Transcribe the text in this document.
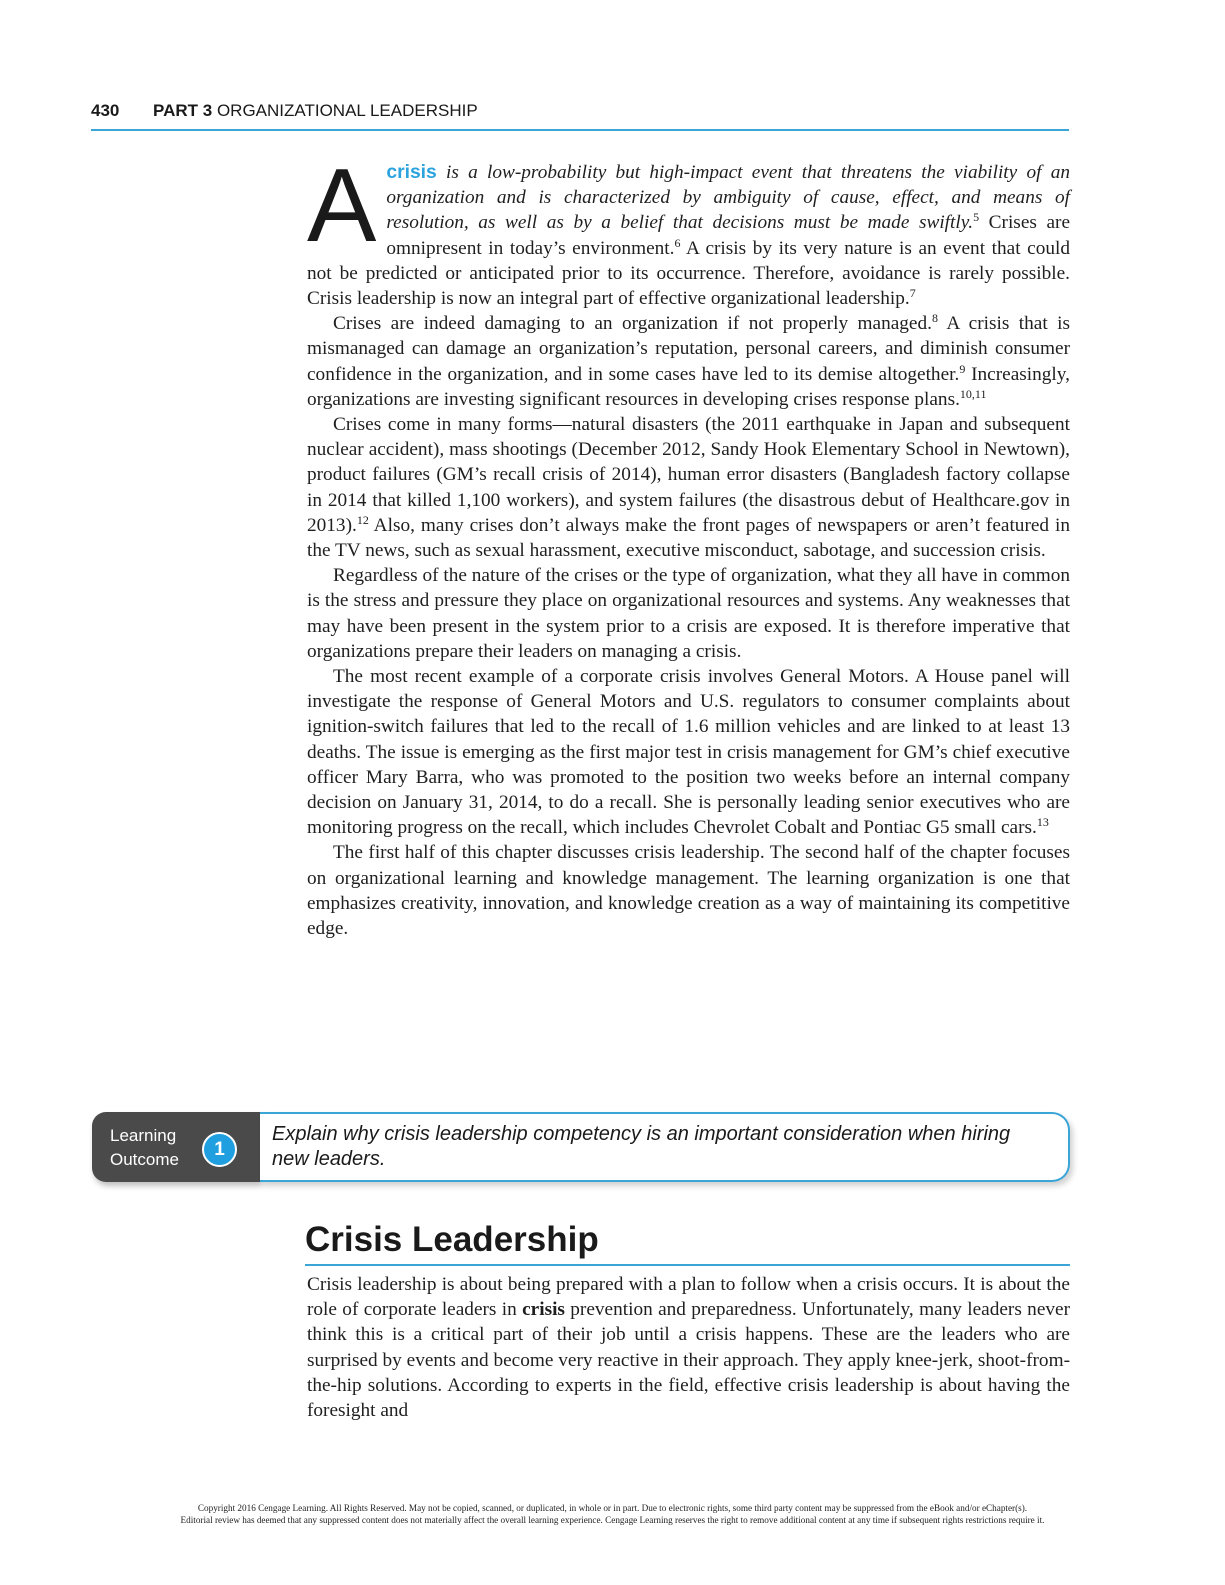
430 PART 3 ORGANIZATIONAL LEADERSHIP

Acrisis is a low-probability but high-impact event that threatens the viability of an organization and is characterized by ambiguity of cause, effect, and means of resolution, as well as by a belief that decisions must be made swiftly.$^5$ Crises are omnipresent in today’s environment.$^6$ A crisis by its very nature is an event that could not be predicted or anticipated prior to its occurrence. Therefore, avoidance is rarely possible. Crisis leadership is now an integral part of effective organizational leadership.$^7$

Crises are indeed damaging to an organization if not properly managed.$^8$ A crisis that is mismanaged can damage an organization’s reputation, personal careers, and diminish consumer confidence in the organization, and in some cases have led to its demise altogether.$^9$ Increasingly, organizations are investing significant resources in developing crises response plans.$^{10,11}$

Crises come in many forms—natural disasters (the 2011 earthquake in Japan and subsequent nuclear accident), mass shootings (December 2012, Sandy Hook Elementary School in Newtown), product failures (GM’s recall crisis of 2014), human error disasters (Bangladesh factory collapse in 2014 that killed 1,100 workers), and system failures (the disastrous debut of Healthcare.gov in 2013).$^{12}$ Also, many crises don’t always make the front pages of newspapers or aren’t featured in the TV news, such as sexual harassment, executive misconduct, sabotage, and succession crisis.

Regardless of the nature of the crises or the type of organization, what they all have in common is the stress and pressure they place on organizational resources and systems. Any weaknesses that may have been present in the system prior to a crisis are exposed. It is therefore imperative that organizations prepare their leaders on managing a crisis.

The most recent example of a corporate crisis involves General Motors. A House panel will investigate the response of General Motors and U.S. regulators to consumer complaints about ignition-switch failures that led to the recall of 1.6 million vehicles and are linked to at least 13 deaths. The issue is emerging as the first major test in crisis management for GM’s chief executive officer Mary Barra, who was promoted to the position two weeks before an internal company decision on January 31, 2014, to do a recall. She is personally leading senior executives who are monitoring progress on the recall, which includes Chevrolet Cobalt and Pontiac G5 small cars.$^{13}$

The first half of this chapter discusses crisis leadership. The second half of the chapter focuses on organizational learning and knowledge management. The learning organization is one that emphasizes creativity, innovation, and knowledge creation as a way of maintaining its competitive edge.

Learning
Outcome	1
Explain why crisis leadership competency is an important consideration when hiring new leaders.
Crisis Leadership

Crisis leadership is about being prepared with a plan to follow when a crisis occurs. It is about the role of corporate leaders in crisis prevention and preparedness. Unfortunately, many leaders never think this is a critical part of their job until a crisis happens. These are the leaders who are surprised by events and become very reactive in their approach. They apply knee-jerk, shoot-from-the-hip solutions. According to experts in the field, effective crisis leadership is about having the foresight and

Copyright 2016 Cengage Learning. All Rights Reserved. May not be copied, scanned, or duplicated, in whole or in part. Due to electronic rights, some third party content may be suppressed from the eBook and/or eChapter(s).
Editorial review has deemed that any suppressed content does not materially affect the overall learning experience. Cengage Learning reserves the right to remove additional content at any time if subsequent rights restrictions require it.
